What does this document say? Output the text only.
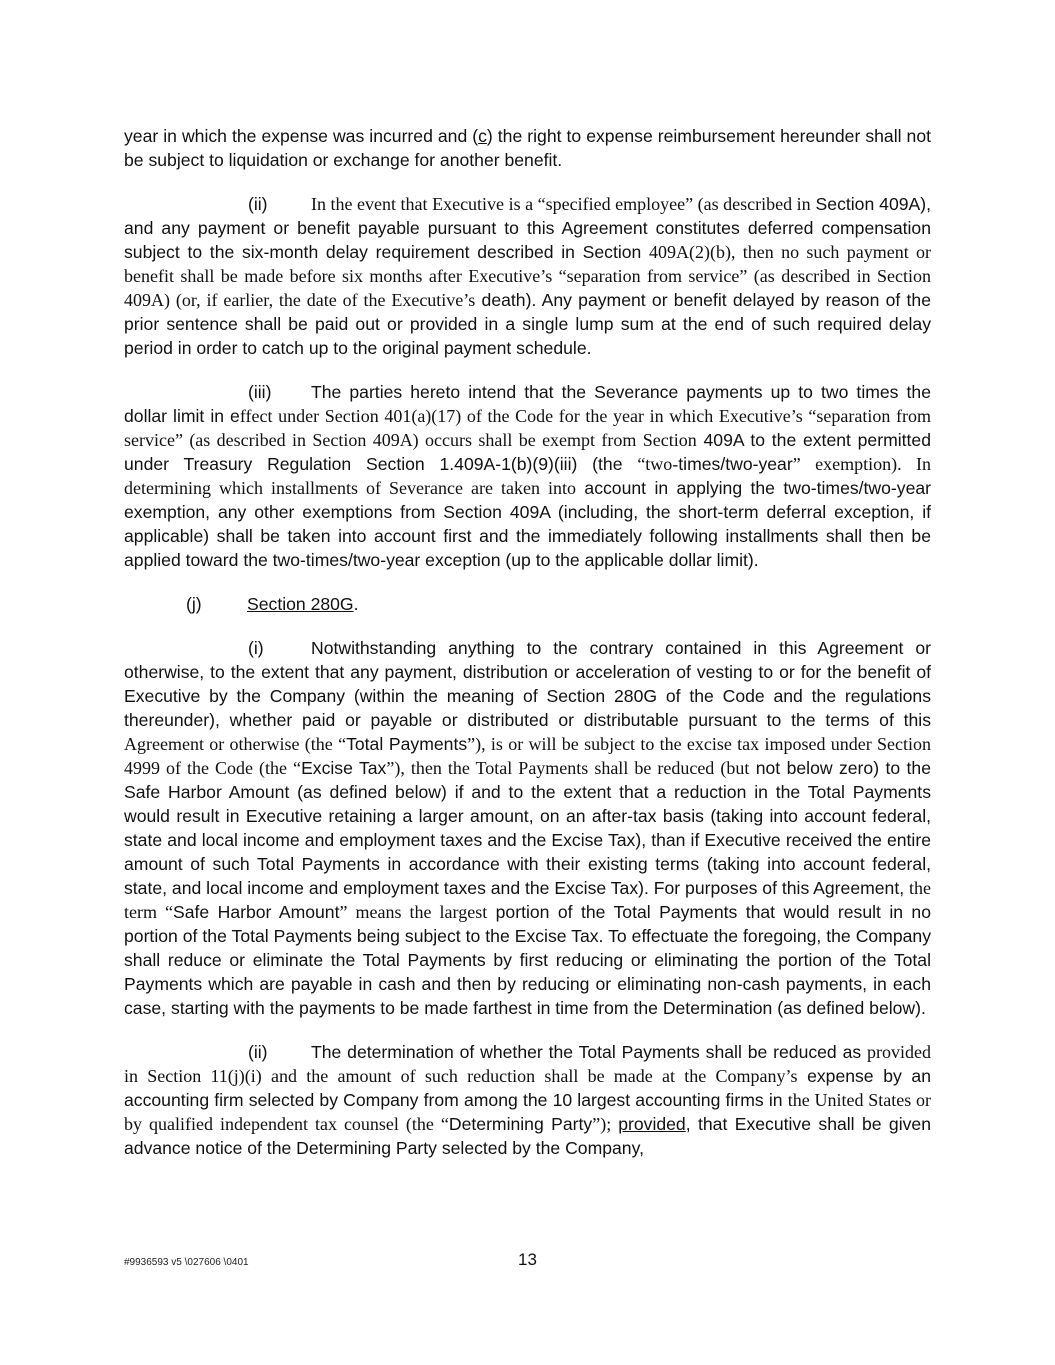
year in which the expense was incurred and (c) the right to expense reimbursement hereunder shall not be subject to liquidation or exchange for another benefit.

(ii) In the event that Executive is a “specified employee” (as described in Section 409A), and any payment or benefit payable pursuant to this Agreement constitutes deferred compensation subject to the six-month delay requirement described in Section 409A(2)(b), then no such payment or benefit shall be made before six months after Executive’s “separation from service” (as described in Section 409A) (or, if earlier, the date of the Executive’s death). Any payment or benefit delayed by reason of the prior sentence shall be paid out or provided in a single lump sum at the end of such required delay period in order to catch up to the original payment schedule.

(iii) The parties hereto intend that the Severance payments up to two times the dollar limit in effect under Section 401(a)(17) of the Code for the year in which Executive’s “separation from service” (as described in Section 409A) occurs shall be exempt from Section 409A to the extent permitted under Treasury Regulation Section 1.409A-1(b)(9)(iii) (the “two-times/two-year” exemption). In determining which installments of Severance are taken into account in applying the two-times/two-year exemption, any other exemptions from Section 409A (including, the short-term deferral exception, if applicable) shall be taken into account first and the immediately following installments shall then be applied toward the two-times/two-year exception (up to the applicable dollar limit).

(j)	Section 280G.

(i)	Notwithstanding anything to the contrary contained in this Agreement or otherwise, to the extent that any payment, distribution or acceleration of vesting to or for the benefit of Executive by the Company (within the meaning of Section 280G of the Code and the regulations thereunder), whether paid or payable or distributed or distributable pursuant to the terms of this Agreement or otherwise (the “Total Payments”), is or will be subject to the excise tax imposed under Section 4999 of the Code (the “Excise Tax”), then the Total Payments shall be reduced (but not below zero) to the Safe Harbor Amount (as defined below) if and to the extent that a reduction in the Total Payments would result in Executive retaining a larger amount, on an after-tax basis (taking into account federal, state and local income and employment taxes and the Excise Tax), than if Executive received the entire amount of such Total Payments in accordance with their existing terms (taking into account federal, state, and local income and employment taxes and the Excise Tax). For purposes of this Agreement, the term “Safe Harbor Amount” means the largest portion of the Total Payments that would result in no portion of the Total Payments being subject to the Excise Tax. To effectuate the foregoing, the Company shall reduce or eliminate the Total Payments by first reducing or eliminating the portion of the Total Payments which are payable in cash and then by reducing or eliminating non-cash payments, in each case, starting with the payments to be made farthest in time from the Determination (as defined below).

(ii) The determination of whether the Total Payments shall be reduced as provided in Section 11(j)(i) and the amount of such reduction shall be made at the Company’s expense by an accounting firm selected by Company from among the 10 largest accounting firms in the United States or by qualified independent tax counsel (the “Determining Party”); provided, that Executive shall be given advance notice of the Determining Party selected by the Company,

#9936593 v5 \027606 \0401	13
